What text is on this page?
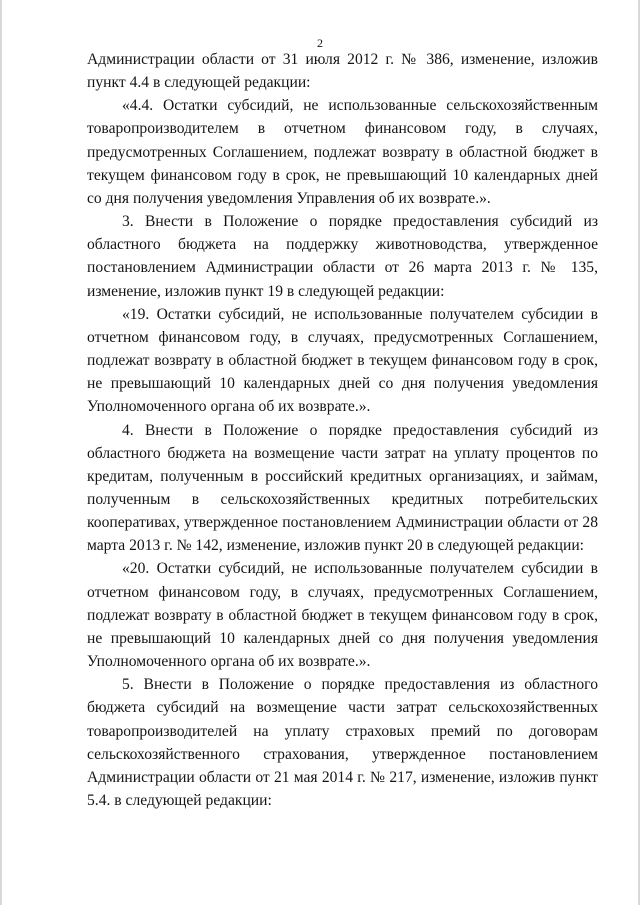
2

Администрации области от 31 июля 2012 г. № 386, изменение, изложив пункт 4.4 в следующей редакции:

«4.4. Остатки субсидий, не использованные сельскохозяйственным товаропроизводителем в отчетном финансовом году, в случаях, предусмотренных Соглашением, подлежат возврату в областной бюджет в текущем финансовом году в срок, не превышающий 10 календарных дней со дня получения уведомления Управления об их возврате.».

3. Внести в Положение о порядке предоставления субсидий из областного бюджета на поддержку животноводства, утвержденное постановлением Администрации области от 26 марта 2013 г. № 135, изменение, изложив пункт 19 в следующей редакции:

«19. Остатки субсидий, не использованные получателем субсидии в отчетном финансовом году, в случаях, предусмотренных Соглашением, подлежат возврату в областной бюджет в текущем финансовом году в срок, не превышающий 10 календарных дней со дня получения уведомления Уполномоченного органа об их возврате.».

4. Внести в Положение о порядке предоставления субсидий из областного бюджета на возмещение части затрат на уплату процентов по кредитам, полученным в российский кредитных организациях, и займам, полученным в сельскохозяйственных кредитных потребительских кооперативах, утвержденное постановлением Администрации области от 28 марта 2013 г. № 142, изменение, изложив пункт 20 в следующей редакции:

«20. Остатки субсидий, не использованные получателем субсидии в отчетном финансовом году, в случаях, предусмотренных Соглашением, подлежат возврату в областной бюджет в текущем финансовом году в срок, не превышающий 10 календарных дней со дня получения уведомления Уполномоченного органа об их возврате.».

5. Внести в Положение о порядке предоставления из областного бюджета субсидий на возмещение части затрат сельскохозяйственных товаропроизводителей на уплату страховых премий по договорам сельскохозяйственного страхования, утвержденное постановлением Администрации области от 21 мая 2014 г. № 217, изменение, изложив пункт 5.4. в следующей редакции:
